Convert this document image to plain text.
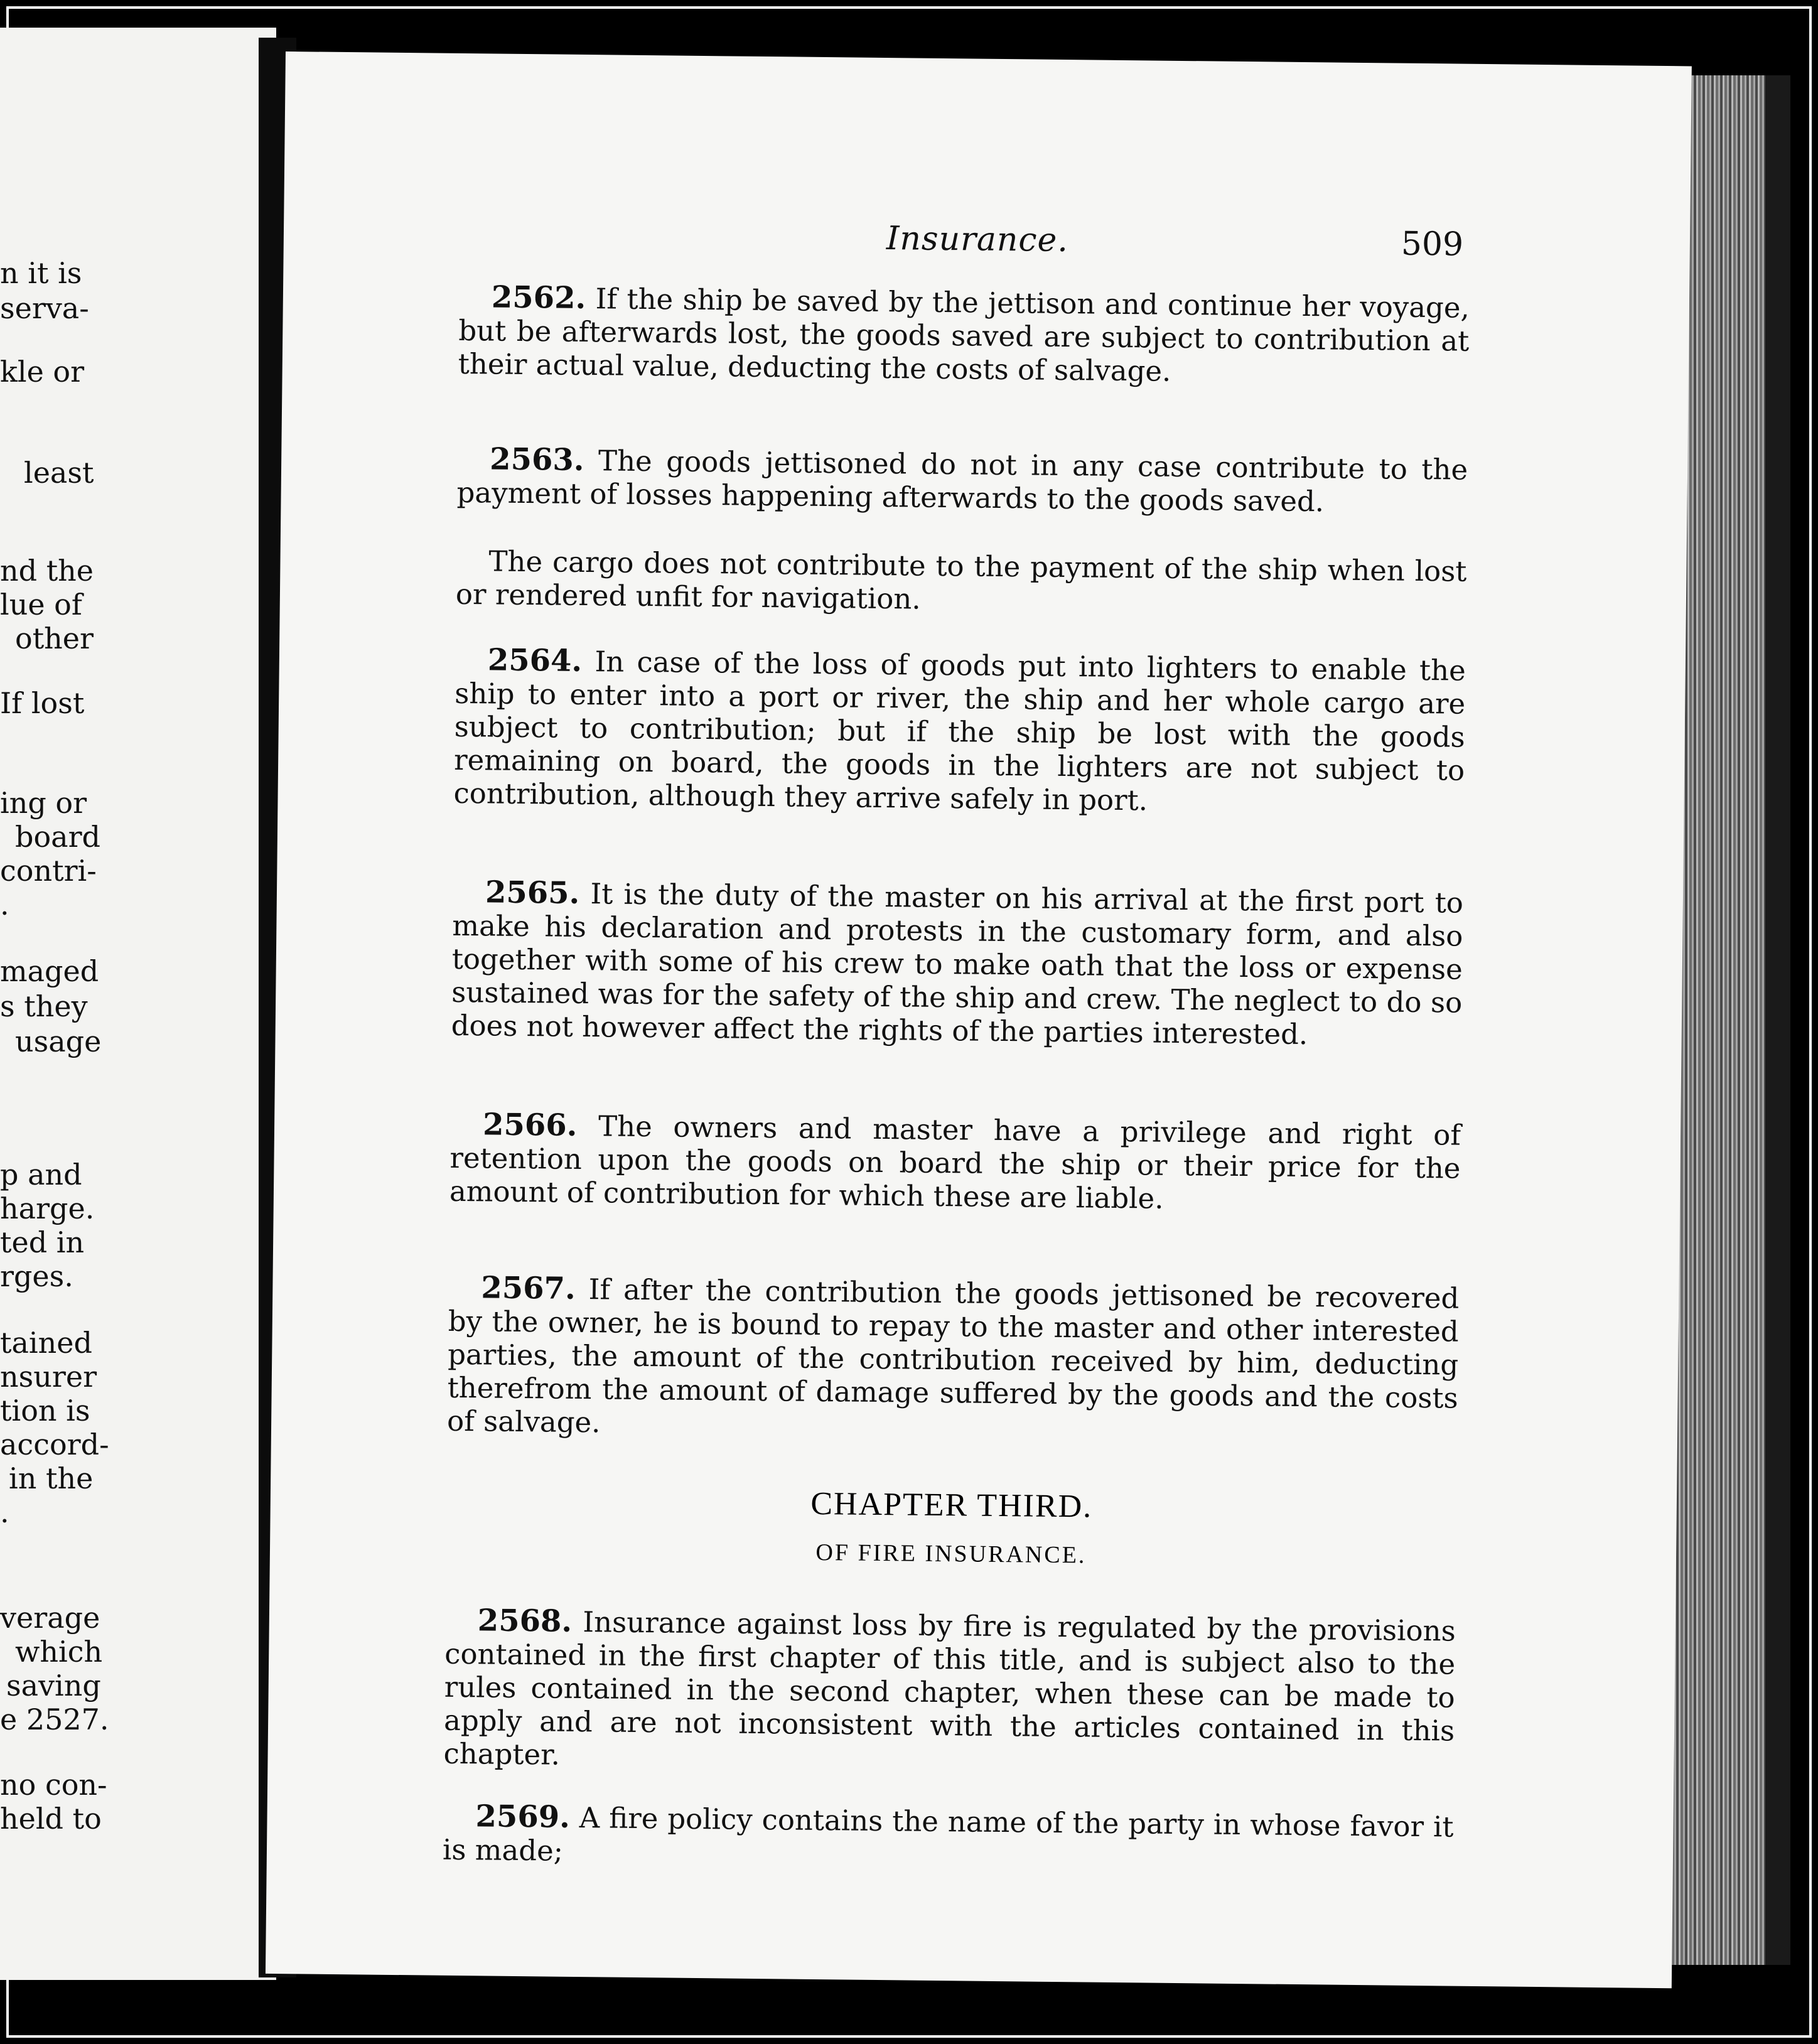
n it is
serva-
kle or
least
nd the
lue of
other
If lost
ing or
board
contri-
.
maged
s they
usage
p and
harge.
ted in
rges.
tained
nsurer
tion is
accord-
in the
.
verage
which
saving
e 2527.
no con-
held to
Insurance.	509
2562. If the ship be saved by the jettison and continue her voyage, but be afterwards lost, the goods saved are subject to contribution at their actual value, deducting the costs of salvage.
2563. The goods jettisoned do not in any case contribute to the payment of losses happening afterwards to the goods saved.
The cargo does not contribute to the payment of the ship when lost or rendered unfit for navigation.
2564. In case of the loss of goods put into lighters to enable the ship to enter into a port or river, the ship and her whole cargo are subject to contribution; but if the ship be lost with the goods remaining on board, the goods in the lighters are not subject to contribution, although they arrive safely in port.
2565. It is the duty of the master on his arrival at the first port to make his declaration and protests in the customary form, and also together with some of his crew to make oath that the loss or expense sustained was for the safety of the ship and crew. The neglect to do so does not however affect the rights of the parties interested.
2566. The owners and master have a privilege and right of retention upon the goods on board the ship or their price for the amount of contribution for which these are liable.
2567. If after the contribution the goods jettisoned be recovered by the owner, he is bound to repay to the master and other interested parties, the amount of the contribution received by him, deducting therefrom the amount of damage suffered by the goods and the costs of salvage.
CHAPTER THIRD.
OF FIRE INSURANCE.
2568. Insurance against loss by fire is regulated by the provisions contained in the first chapter of this title, and is subject also to the rules contained in the second chapter, when these can be made to apply and are not inconsistent with the articles contained in this chapter.
2569. A fire policy contains the name of the party in whose favor it is made;
